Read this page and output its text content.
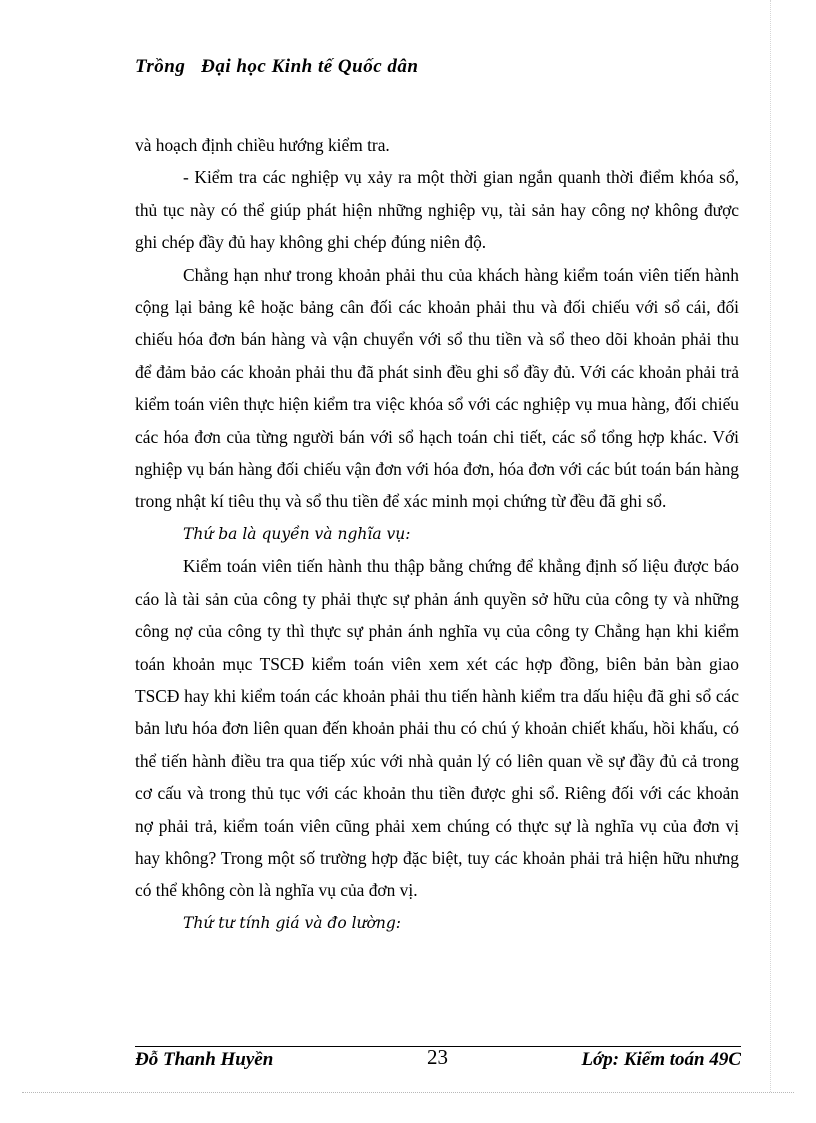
Trồng   Đại học Kinh tế Quốc dân

và hoạch định chiều hướng kiểm tra.

- Kiểm tra các nghiệp vụ xảy ra một thời gian ngắn quanh thời điểm khóa sổ, thủ tục này có thể giúp phát hiện những nghiệp vụ, tài sản hay công nợ không được ghi chép đầy đủ hay không ghi chép đúng niên độ.

Chẳng hạn như trong khoản phải thu của khách hàng kiểm toán viên tiến hành cộng lại bảng kê hoặc bảng cân đối các khoản phải thu và đối chiếu với sổ cái, đối chiếu hóa đơn bán hàng và vận chuyển với sổ thu tiền và sổ theo dõi khoản phải thu để đảm bảo các khoản phải thu đã phát sinh đều ghi sổ đầy đủ. Với các khoản phải trả kiểm toán viên thực hiện kiểm tra việc khóa sổ với các nghiệp vụ mua hàng, đối chiếu các hóa đơn của từng người bán với sổ hạch toán chi tiết, các sổ tổng hợp khác. Với nghiệp vụ bán hàng đối chiếu vận đơn với hóa đơn, hóa đơn với các bút toán bán hàng trong nhật kí tiêu thụ và sổ thu tiền để xác minh mọi chứng từ đều đã ghi sổ.

Thứ ba là quyền và nghĩa vụ:

Kiểm toán viên tiến hành thu thập bằng chứng để khẳng định số liệu được báo cáo là tài sản của công ty phải thực sự phản ánh quyền sở hữu của công ty và những công nợ của công ty thì thực sự phản ánh nghĩa vụ của công ty Chẳng hạn khi kiểm toán khoản mục TSCĐ kiểm toán viên xem xét các hợp đồng, biên bản bàn giao TSCĐ hay khi kiểm toán các khoản phải thu tiến hành kiểm tra dấu hiệu đã ghi sổ các bản lưu hóa đơn liên quan đến khoản phải thu có chú ý khoản chiết khấu, hồi khấu, có thể tiến hành điều tra qua tiếp xúc với nhà quản lý có liên quan về sự đầy đủ cả trong cơ cấu và trong thủ tục với các khoản thu tiền được ghi sổ. Riêng đối với các khoản nợ phải trả, kiểm toán viên cũng phải xem chúng có thực sự là nghĩa vụ của đơn vị hay không? Trong một số trường hợp đặc biệt, tuy các khoản phải trả hiện hữu nhưng có thể không còn là nghĩa vụ của đơn vị.

Thứ tư tính giá và đo lường:

Đỗ Thanh Huyền	23	Lớp: Kiểm toán 49C
